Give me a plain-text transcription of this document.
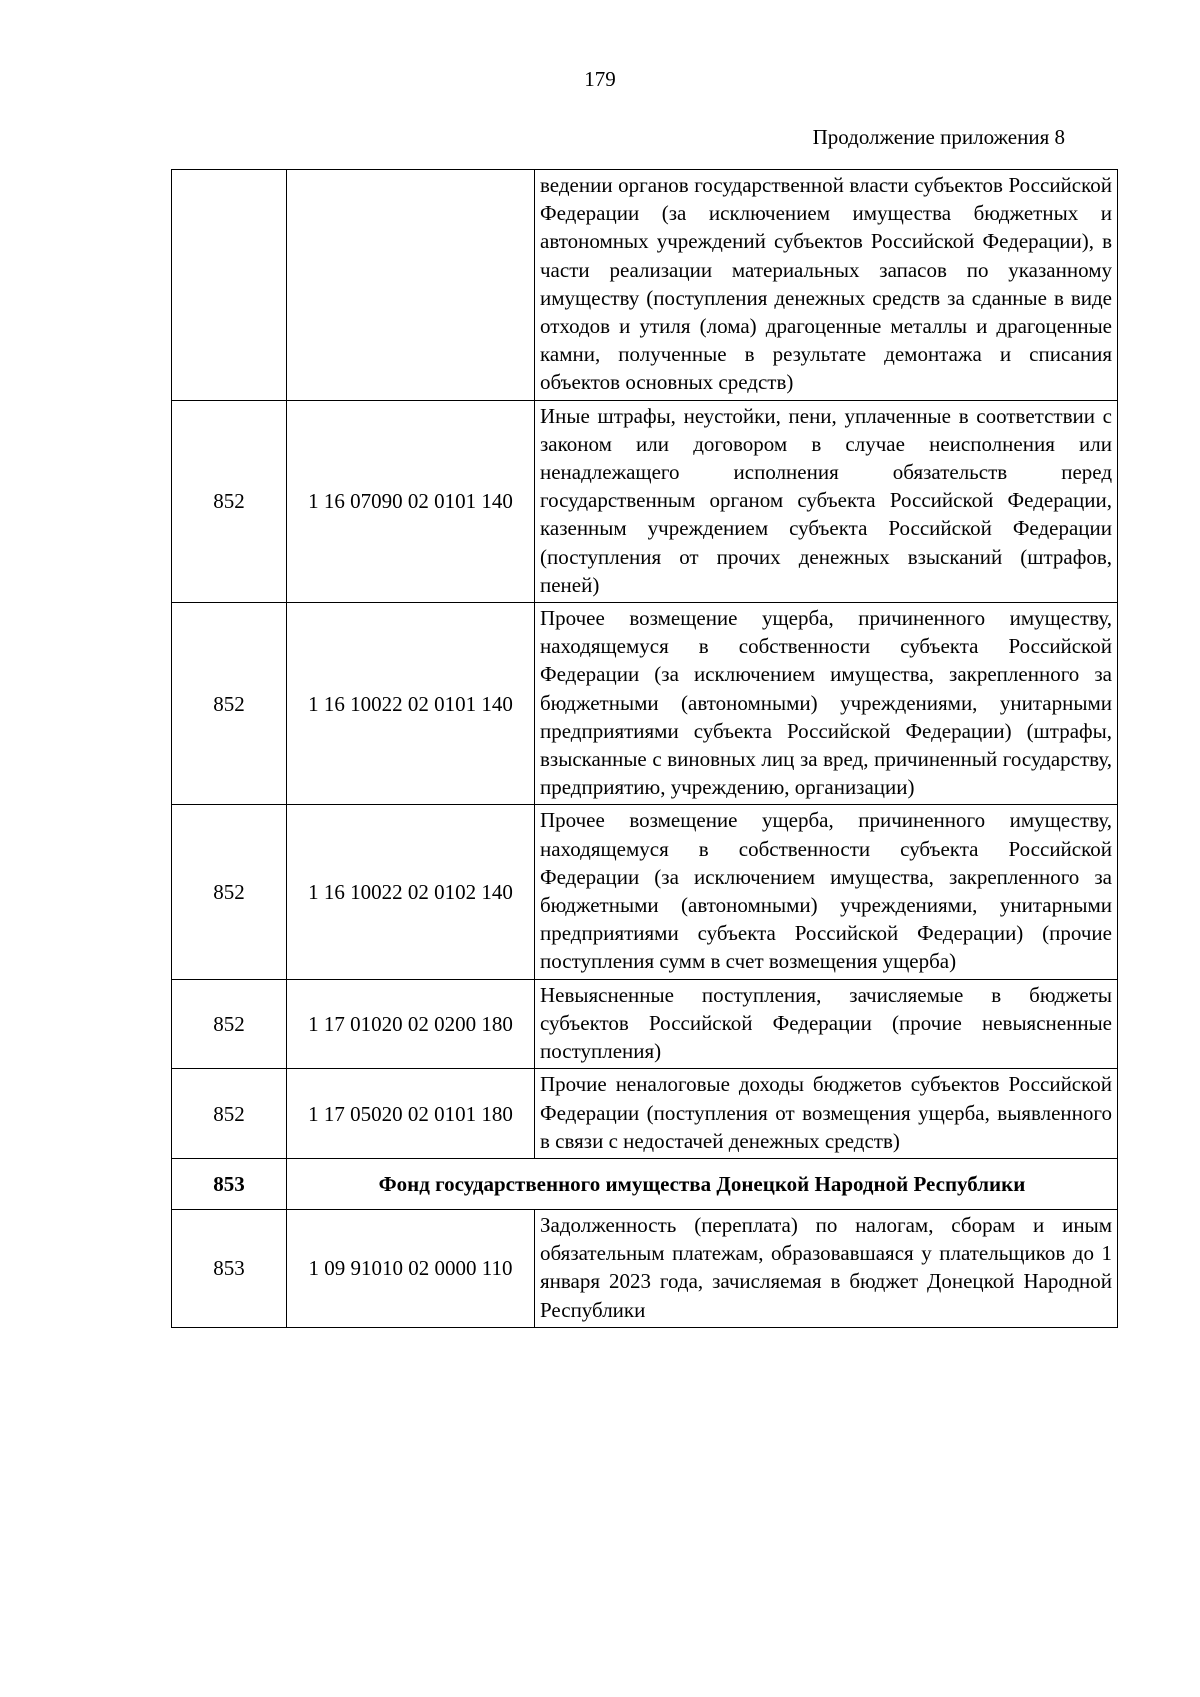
179
Продолжение приложения 8
		ведении органов государственной власти субъектов Российской Федерации (за исключением имущества бюджетных и автономных учреждений субъектов Российской Федерации), в части реализации материальных запасов по указанному имуществу (поступления денежных средств за сданные в виде отходов и утиля (лома) драгоценные металлы и драгоценные камни, полученные в результате демонтажа и списания объектов основных средств)
852	1 16 07090 02 0101 140	Иные штрафы, неустойки, пени, уплаченные в соответствии с законом или договором в случае неисполнения или ненадлежащего исполнения обязательств перед государственным органом субъекта Российской Федерации, казенным учреждением субъекта Российской Федерации (поступления от прочих денежных взысканий (штрафов, пеней)
852	1 16 10022 02 0101 140	Прочее возмещение ущерба, причиненного имуществу, находящемуся в собственности субъекта Российской Федерации (за исключением имущества, закрепленного за бюджетными (автономными) учреждениями, унитарными предприятиями субъекта Российской Федерации) (штрафы, взысканные с виновных лиц за вред, причиненный государству, предприятию, учреждению, организации)
852	1 16 10022 02 0102 140	Прочее возмещение ущерба, причиненного имуществу, находящемуся в собственности субъекта Российской Федерации (за исключением имущества, закрепленного за бюджетными (автономными) учреждениями, унитарными предприятиями субъекта Российской Федерации) (прочие поступления сумм в счет возмещения ущерба)
852	1 17 01020 02 0200 180	Невыясненные поступления, зачисляемые в бюджеты субъектов Российской Федерации (прочие невыясненные поступления)
852	1 17 05020 02 0101 180	Прочие неналоговые доходы бюджетов субъектов Российской Федерации (поступления от возмещения ущерба, выявленного в связи с недостачей денежных средств)
853	Фонд государственного имущества Донецкой Народной Республики	
853	1 09 91010 02 0000 110	Задолженность (переплата) по налогам, сборам и иным обязательным платежам, образовавшаяся у плательщиков до 1 января 2023 года, зачисляемая в бюджет Донецкой Народной Республики
